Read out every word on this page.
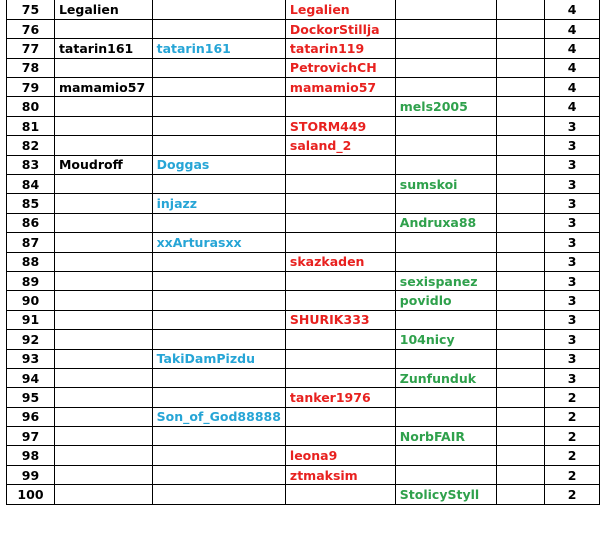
75	Legalien		Legalien			4
76			DockorStillja			4
77	tatarin161	tatarin161	tatarin119			4
78			PetrovichCH			4
79	mamamio57		mamamio57			4
80				mels2005		4
81			STORM449			3
82			saland_2			3
83	Moudroff	Doggas				3
84				sumskoi		3
85		injazz				3
86				Andruxa88		3
87		xxArturasxx				3
88			skazkaden			3
89				sexispanez		3
90				povidlo		3
91			SHURIK333			3
92				104nicy		3
93		TakiDamPizdu				3
94				Zunfunduk		3
95			tanker1976			2
96		Son_of_God88888				2
97				NorbFAIR		2
98			leona9			2
99			ztmaksim			2
100				StolicyStyll		2
